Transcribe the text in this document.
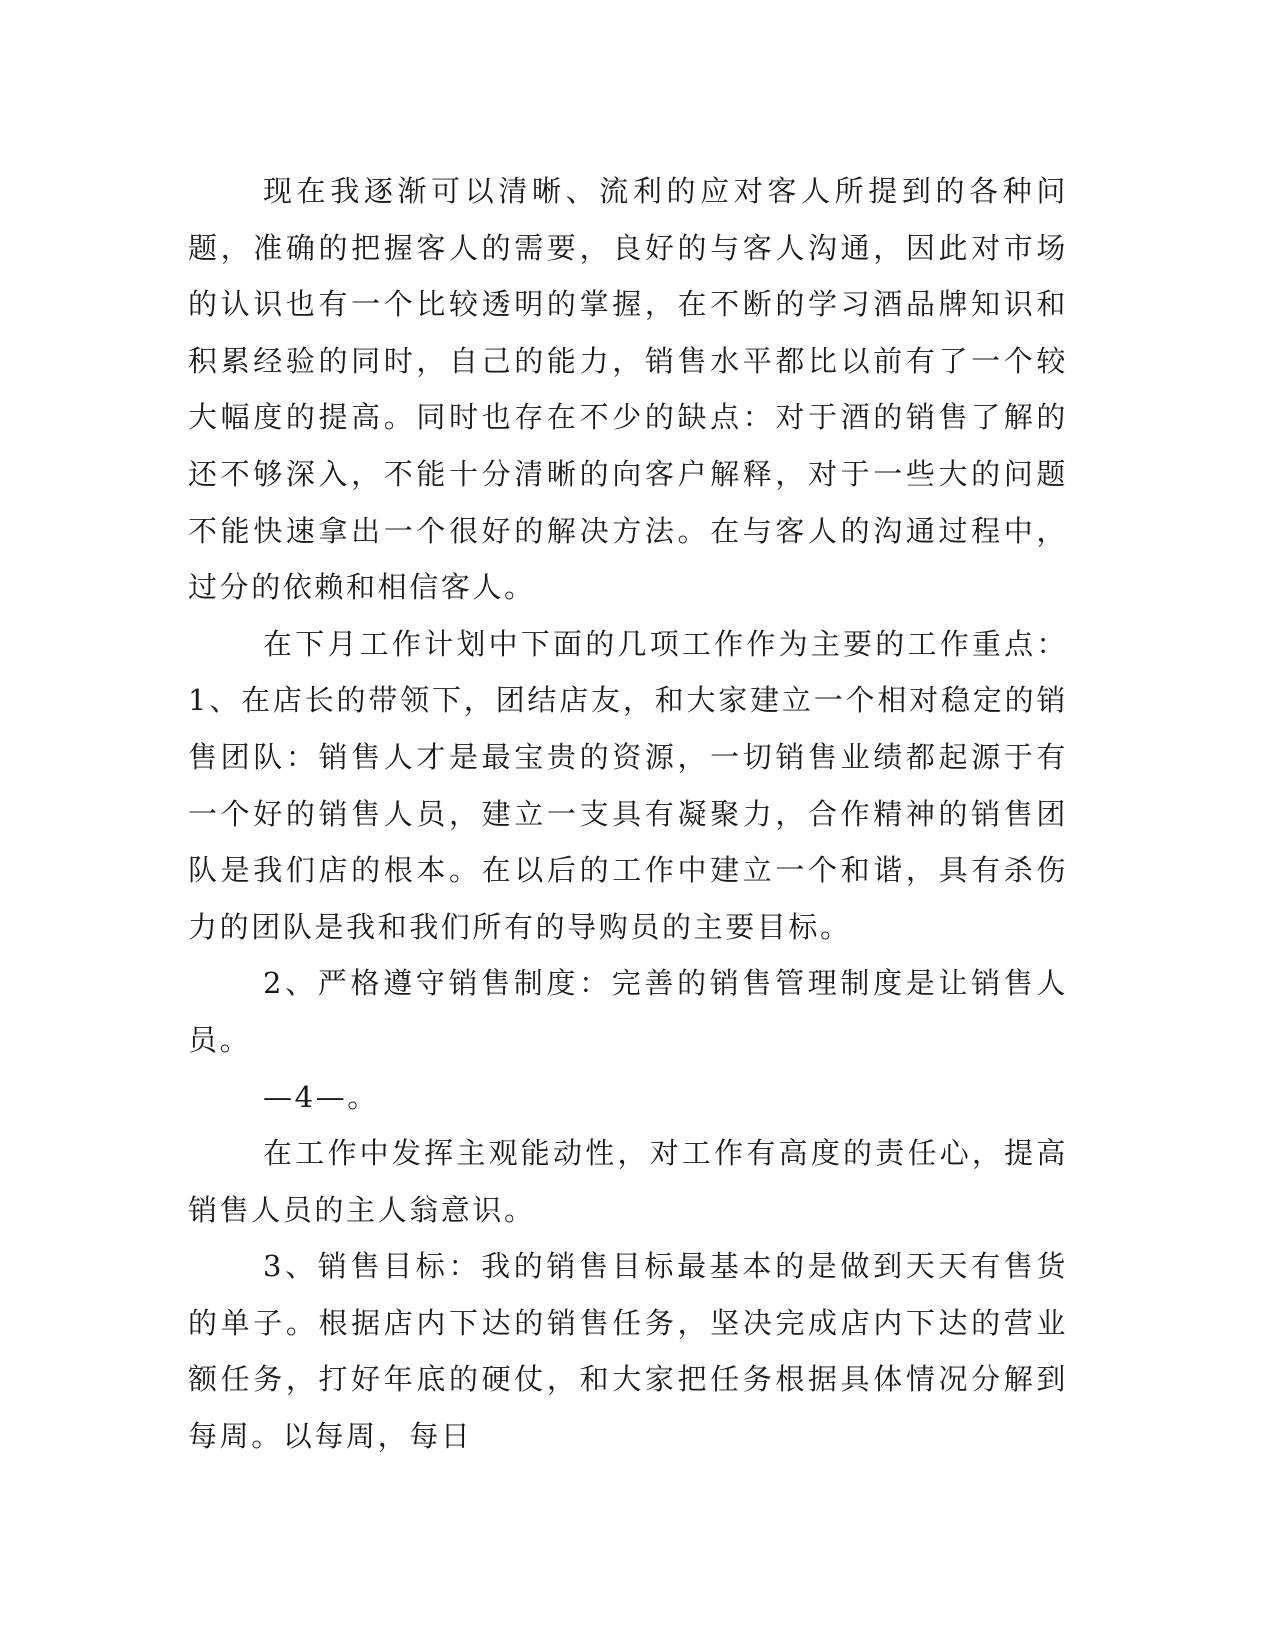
现在我逐渐可以清晰、流利的应对客人所提到的各种问题，准确的把握客人的需要，良好的与客人沟通，因此对市场的认识也有一个比较透明的掌握，在不断的学习酒品牌知识和积累经验的同时，自己的能力，销售水平都比以前有了一个较大幅度的提高。同时也存在不少的缺点：对于酒的销售了解的还不够深入，不能十分清晰的向客户解释，对于一些大的问题不能快速拿出一个很好的解决方法。在与客人的沟通过程中，过分的依赖和相信客人。

在下月工作计划中下面的几项工作作为主要的工作重点：1、在店长的带领下，团结店友，和大家建立一个相对稳定的销售团队：销售人才是最宝贵的资源，一切销售业绩都起源于有一个好的销售人员，建立一支具有凝聚力，合作精神的销售团队是我们店的根本。在以后的工作中建立一个和谐，具有杀伤力的团队是我和我们所有的导购员的主要目标。

2、严格遵守销售制度：完善的销售管理制度是让销售人员。

—4—。

在工作中发挥主观能动性，对工作有高度的责任心，提高销售人员的主人翁意识。

3、销售目标：我的销售目标最基本的是做到天天有售货的单子。根据店内下达的销售任务，坚决完成店内下达的营业额任务，打好年底的硬仗，和大家把任务根据具体情况分解到每周。以每周，每日
